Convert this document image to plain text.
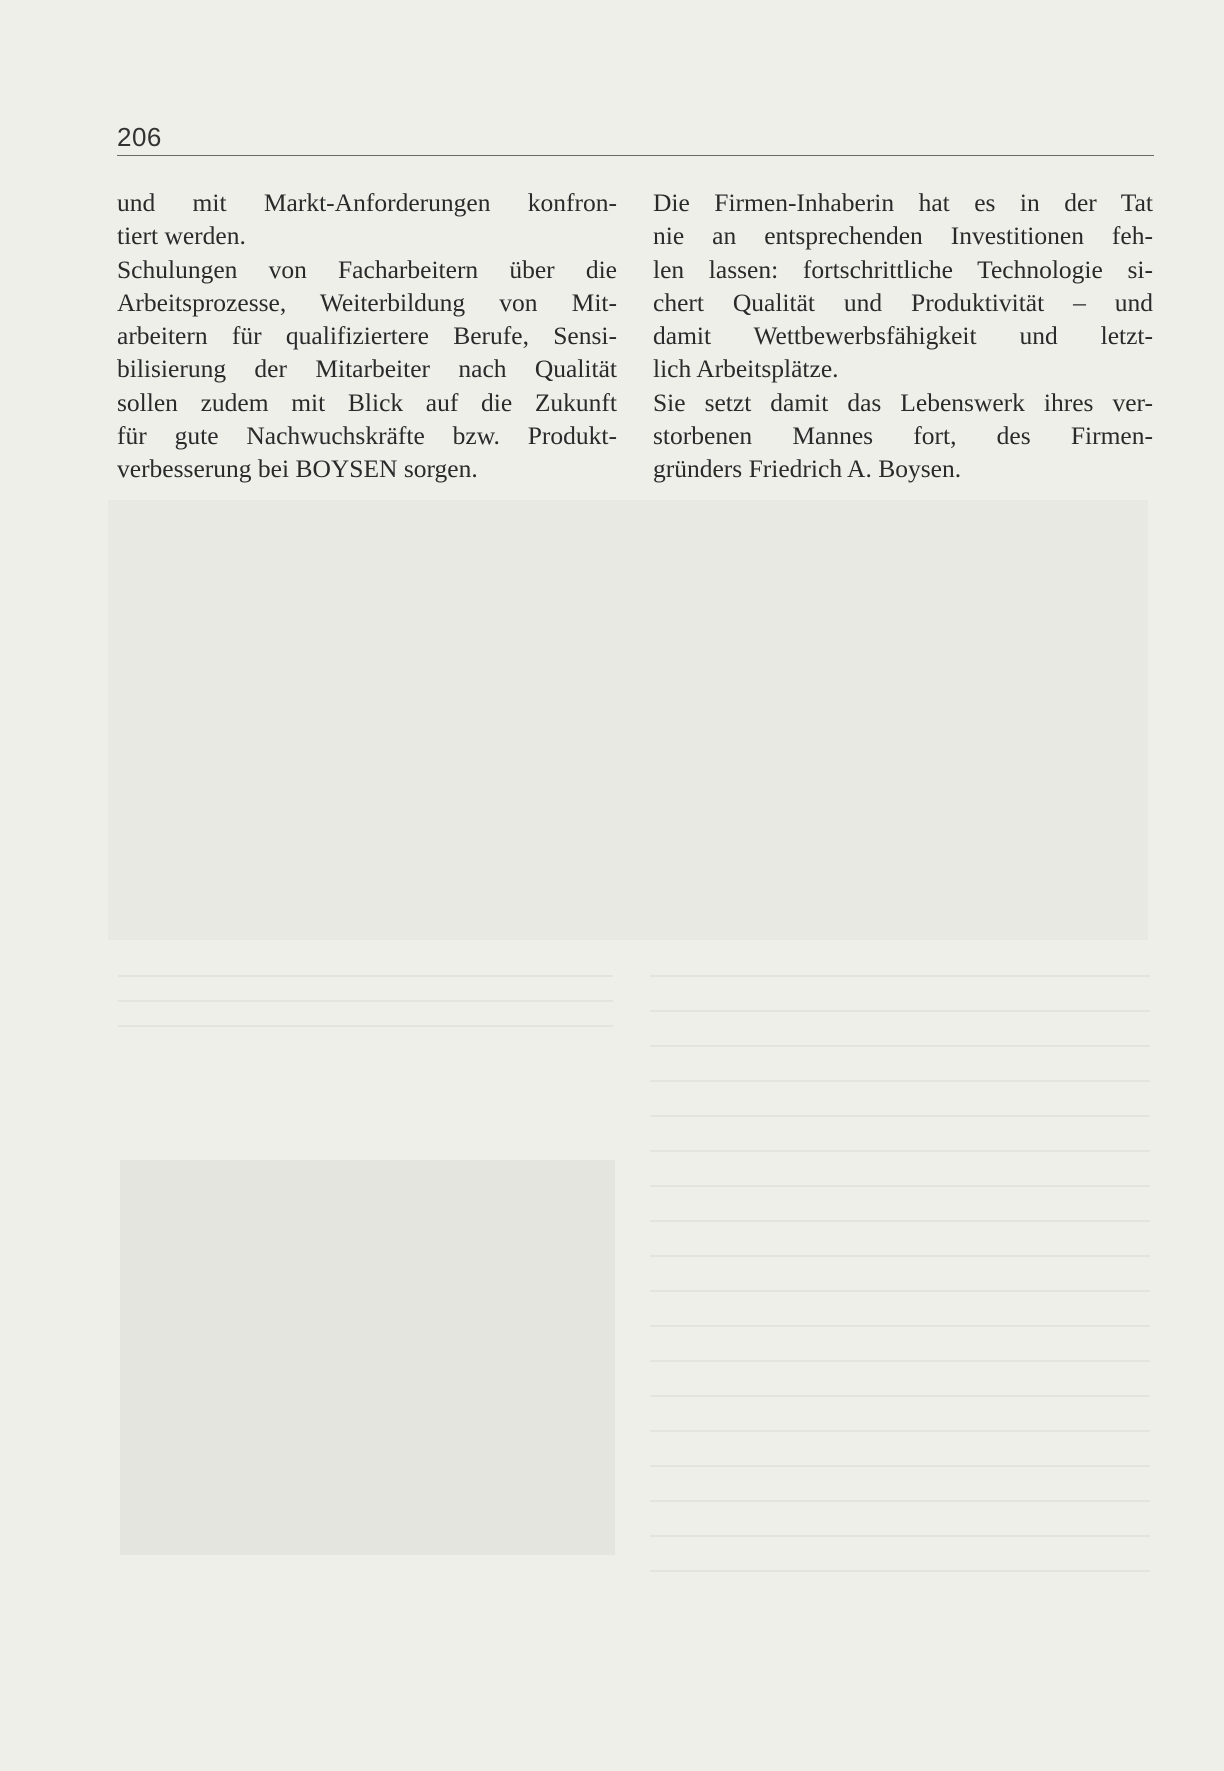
206
und mit Markt-Anforderungen konfron-
tiert werden.
Schulungen von Facharbeitern über die
Arbeitsprozesse, Weiterbildung von Mit-
arbeitern für qualifiziertere Berufe, Sensi-
bilisierung der Mitarbeiter nach Qualität
sollen zudem mit Blick auf die Zukunft
für gute Nachwuchskräfte bzw. Produkt-
verbesserung bei BOYSEN sorgen.
Die Firmen-Inhaberin hat es in der Tat
nie an entsprechenden Investitionen feh-
len lassen: fortschrittliche Technologie si-
chert Qualität und Produktivität – und
damit Wettbewerbsfähigkeit und letzt-
lich Arbeitsplätze.
Sie setzt damit das Lebenswerk ihres ver-
storbenen Mannes fort, des Firmen-
gründers Friedrich A. Boysen.
